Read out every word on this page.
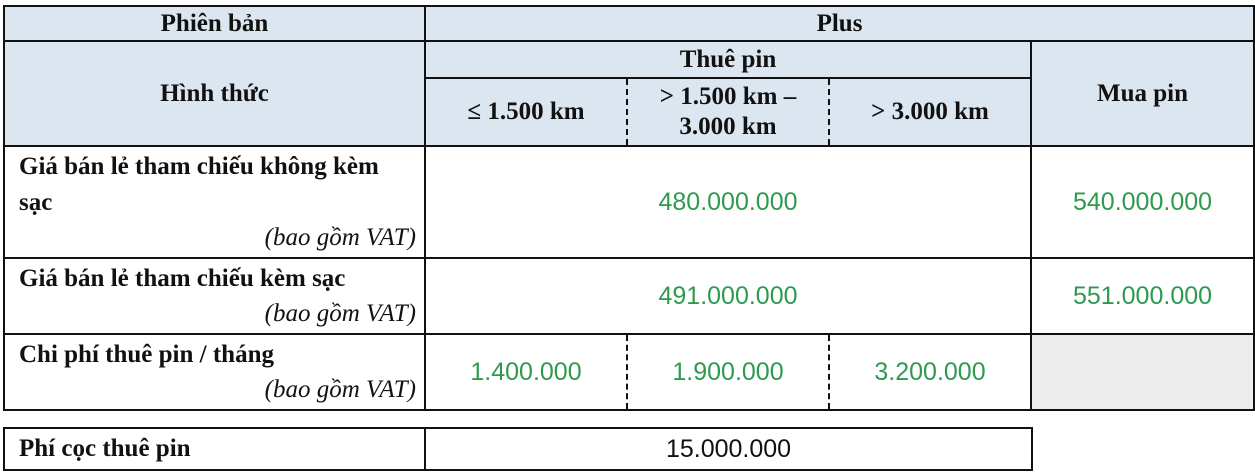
Phiên bản	Plus			
Hình thức	Thuê pin			Mua pin
	≤ 1.500 km	> 1.500 km – 3.000 km	> 3.000 km	
Giá bán lẻ tham chiếu không kèm sạc
(bao gồm VAT)	480.000.000			540.000.000
Giá bán lẻ tham chiếu kèm sạc
(bao gồm VAT)	491.000.000			551.000.000
Chi phí thuê pin / tháng
(bao gồm VAT)	1.400.000	1.900.000	3.200.000	
Phí cọc thuê pin	15.000.000
